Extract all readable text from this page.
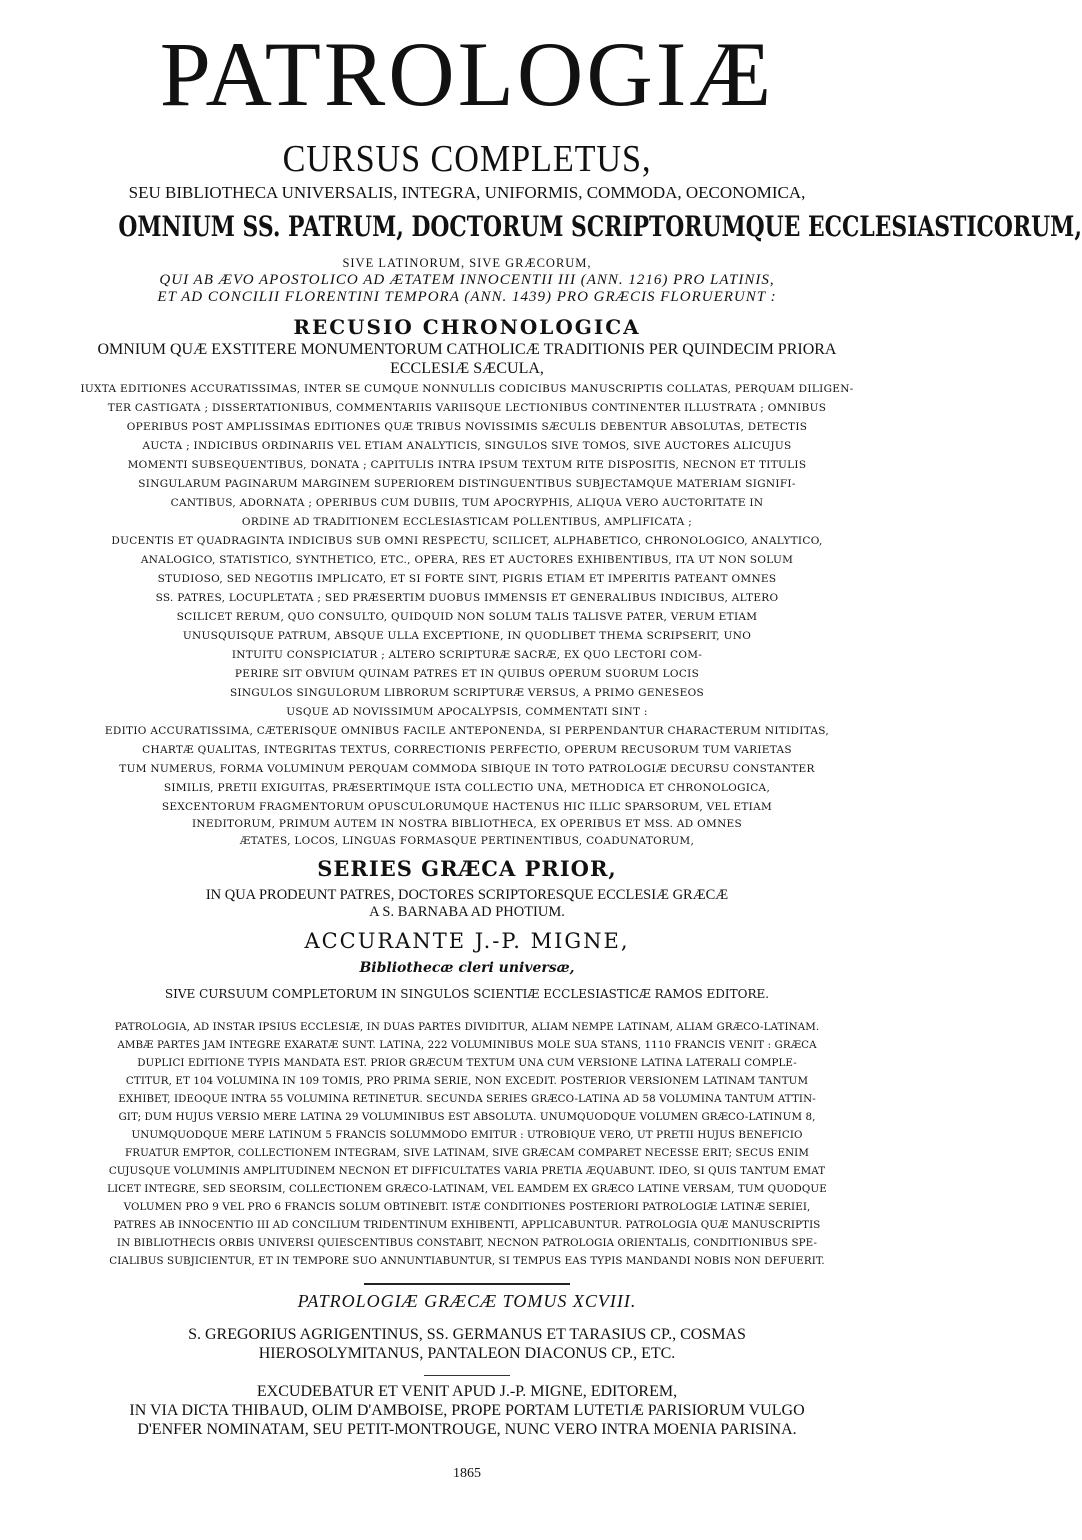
PATROLOGIÆ
CURSUS COMPLETUS,
SEU BIBLIOTHECA UNIVERSALIS, INTEGRA, UNIFORMIS, COMMODA, OECONOMICA,
OMNIUM SS. PATRUM, DOCTORUM SCRIPTORUMQUE ECCLESIASTICORUM,
SIVE LATINORUM, SIVE GRÆCORUM,
QUI AB ÆVO APOSTOLICO AD ÆTATEM INNOCENTII III (ANN. 1216) PRO LATINIS,
ET AD CONCILII FLORENTINI TEMPORA (ANN. 1439) PRO GRÆCIS FLORUERUNT :
RECUSIO CHRONOLOGICA
OMNIUM QUÆ EXSTITERE MONUMENTORUM CATHOLICÆ TRADITIONIS PER QUINDECIM PRIORA
ECCLESIÆ SÆCULA,
IUXTA EDITIONES ACCURATISSIMAS, INTER SE CUMQUE NONNULLIS CODICIBUS MANUSCRIPTIS COLLATAS, PERQUAM DILIGEN-
TER CASTIGATA ; DISSERTATIONIBUS, COMMENTARIIS VARIISQUE LECTIONIBUS CONTINENTER ILLUSTRATA ; OMNIBUS
OPERIBUS POST AMPLISSIMAS EDITIONES QUÆ TRIBUS NOVISSIMIS SÆCULIS DEBENTUR ABSOLUTAS, DETECTIS
AUCTA ; INDICIBUS ORDINARIIS VEL ETIAM ANALYTICIS, SINGULOS SIVE TOMOS, SIVE AUCTORES ALICUJUS
MOMENTI SUBSEQUENTIBUS, DONATA ; CAPITULIS INTRA IPSUM TEXTUM RITE DISPOSITIS, NECNON ET TITULIS
SINGULARUM PAGINARUM MARGINEM SUPERIOREM DISTINGUENTIBUS SUBJECTAMQUE MATERIAM SIGNIFI-
CANTIBUS, ADORNATA ; OPERIBUS CUM DUBIIS, TUM APOCRYPHIS, ALIQUA VERO AUCTORITATE IN
ORDINE AD TRADITIONEM ECCLESIASTICAM POLLENTIBUS, AMPLIFICATA ;
DUCENTIS ET QUADRAGINTA INDICIBUS SUB OMNI RESPECTU, SCILICET, ALPHABETICO, CHRONOLOGICO, ANALYTICO,
ANALOGICO, STATISTICO, SYNTHETICO, ETC., OPERA, RES ET AUCTORES EXHIBENTIBUS, ITA UT NON SOLUM
STUDIOSO, SED NEGOTIIS IMPLICATO, ET SI FORTE SINT, PIGRIS ETIAM ET IMPERITIS PATEANT OMNES
SS. PATRES, LOCUPLETATA ; SED PRÆSERTIM DUOBUS IMMENSIS ET GENERALIBUS INDICIBUS, ALTERO
SCILICET RERUM, QUO CONSULTO, QUIDQUID NON SOLUM TALIS TALISVE PATER, VERUM ETIAM
UNUSQUISQUE PATRUM, ABSQUE ULLA EXCEPTIONE, IN QUODLIBET THEMA SCRIPSERIT, UNO
INTUITU CONSPICIATUR ; ALTERO SCRIPTURÆ SACRÆ, EX QUO LECTORI COM-
PERIRE SIT OBVIUM QUINAM PATRES ET IN QUIBUS OPERUM SUORUM LOCIS
SINGULOS SINGULORUM LIBRORUM SCRIPTURÆ VERSUS, A PRIMO GENESEOS
USQUE AD NOVISSIMUM APOCALYPSIS, COMMENTATI SINT :
EDITIO ACCURATISSIMA, CÆTERISQUE OMNIBUS FACILE ANTEPONENDA, SI PERPENDANTUR CHARACTERUM NITIDITAS,
CHARTÆ QUALITAS, INTEGRITAS TEXTUS, CORRECTIONIS PERFECTIO, OPERUM RECUSORUM TUM VARIETAS
TUM NUMERUS, FORMA VOLUMINUM PERQUAM COMMODA SIBIQUE IN TOTO PATROLOGIÆ DECURSU CONSTANTER
SIMILIS, PRETII EXIGUITAS, PRÆSERTIMQUE ISTA COLLECTIO UNA, METHODICA ET CHRONOLOGICA,
SEXCENTORUM FRAGMENTORUM OPUSCULORUMQUE HACTENUS HIC ILLIC SPARSORUM, VEL ETIAM
INEDITORUM, PRIMUM AUTEM IN NOSTRA BIBLIOTHECA, EX OPERIBUS ET MSS. AD OMNES
ÆTATES, LOCOS, LINGUAS FORMASQUE PERTINENTIBUS, COADUNATORUM,
SERIES GRÆCA PRIOR,
IN QUA PRODEUNT PATRES, DOCTORES SCRIPTORESQUE ECCLESIÆ GRÆCÆ
A S. BARNABA AD PHOTIUM.
ACCURANTE J.-P. MIGNE,
Bibliothecæ cleri universæ,
SIVE CURSUUM COMPLETORUM IN SINGULOS SCIENTIÆ ECCLESIASTICÆ RAMOS EDITORE.
PATROLOGIA, AD INSTAR IPSIUS ECCLESIÆ, IN DUAS PARTES DIVIDITUR, ALIAM NEMPE LATINAM, ALIAM GRÆCO-LATINAM.
AMBÆ PARTES JAM INTEGRE EXARATÆ SUNT. LATINA, 222 VOLUMINIBUS MOLE SUA STANS, 1110 FRANCIS VENIT : GRÆCA
DUPLICI EDITIONE TYPIS MANDATA EST. PRIOR GRÆCUM TEXTUM UNA CUM VERSIONE LATINA LATERALI COMPLE-
CTITUR, ET 104 VOLUMINA IN 109 TOMIS, PRO PRIMA SERIE, NON EXCEDIT. POSTERIOR VERSIONEM LATINAM TANTUM
EXHIBET, IDEOQUE INTRA 55 VOLUMINA RETINETUR. SECUNDA SERIES GRÆCO-LATINA AD 58 VOLUMINA TANTUM ATTIN-
GIT; DUM HUJUS VERSIO MERE LATINA 29 VOLUMINIBUS EST ABSOLUTA. UNUMQUODQUE VOLUMEN GRÆCO-LATINUM 8,
UNUMQUODQUE MERE LATINUM 5 FRANCIS SOLUMMODO EMITUR : UTROBIQUE VERO, UT PRETII HUJUS BENEFICIO
FRUATUR EMPTOR, COLLECTIONEM INTEGRAM, SIVE LATINAM, SIVE GRÆCAM COMPARET NECESSE ERIT; SECUS ENIM
CUJUSQUE VOLUMINIS AMPLITUDINEM NECNON ET DIFFICULTATES VARIA PRETIA ÆQUABUNT. IDEO, SI QUIS TANTUM EMAT
LICET INTEGRE, SED SEORSIM, COLLECTIONEM GRÆCO-LATINAM, VEL EAMDEM EX GRÆCO LATINE VERSAM, TUM QUODQUE
VOLUMEN PRO 9 VEL PRO 6 FRANCIS SOLUM OBTINEBIT. ISTÆ CONDITIONES POSTERIORI PATROLOGIÆ LATINÆ SERIEI,
PATRES AB INNOCENTIO III AD CONCILIUM TRIDENTINUM EXHIBENTI, APPLICABUNTUR. PATROLOGIA QUÆ MANUSCRIPTIS
IN BIBLIOTHECIS ORBIS UNIVERSI QUIESCENTIBUS CONSTABIT, NECNON PATROLOGIA ORIENTALIS, CONDITIONIBUS SPE-
CIALIBUS SUBJICIENTUR, ET IN TEMPORE SUO ANNUNTIABUNTUR, SI TEMPUS EAS TYPIS MANDANDI NOBIS NON DEFUERIT.
PATROLOGIÆ GRÆCÆ TOMUS XCVIII.
S. GREGORIUS AGRIGENTINUS, SS. GERMANUS ET TARASIUS CP., COSMAS
HIEROSOLYMITANUS, PANTALEON DIACONUS CP., ETC.
EXCUDEBATUR ET VENIT APUD J.-P. MIGNE, EDITOREM,
IN VIA DICTA THIBAUD, OLIM D'AMBOISE, PROPE PORTAM LUTETIÆ PARISIORUM VULGO
D'ENFER NOMINATAM, SEU PETIT-MONTROUGE, NUNC VERO INTRA MOENIA PARISINA.
1865
